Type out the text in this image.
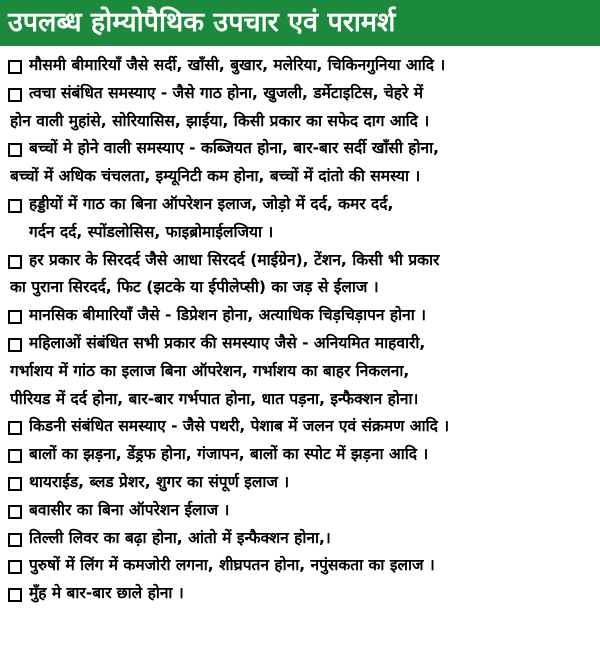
उपलब्ध होम्योपैथिक उपचार एवं परामर्श
मौसमी बीमारियाँ जैसे सर्दी, खाँसी, बुखार, मलेरिया, चिकिनगुनिया आदि ।
त्वचा संबंधित समस्याए - जैसे गाठ होना, खुजली, डर्मेटाइटिस, चेहरे में
होन वाली मुहांसे, सोरियासिस, झाईया, किसी प्रकार का सफेद दाग आदि ।
बच्चों मे होने वाली समस्याए - कब्जियत होना, बार-बार सर्दी खाँसी होना,
बच्चों में अधिक चंचलता, इम्यूनिटी कम होना, बच्चों में दांतो की समस्या ।
हड्डीयों में गाठ का बिना ऑपरेशन इलाज, जोड़ो में दर्द, कमर दर्द,
गर्दन दर्द, स्पोंडलोसिस, फाइब्रोमाईलजिया ।
हर प्रकार के सिरदर्द जैसे आधा सिरदर्द (माईग्रेन), टेंशन, किसी भी प्रकार
का पुराना सिरदर्द, फिट (झटके या ईपीलेप्सी) का जड़ से ईलाज ।
मानसिक बीमारियाँ जैसे - डिप्रेशन होना, अत्याधिक चिड़चिड़ापन होना ।
महिलाओं संबंधित सभी प्रकार की समस्याए जैसे - अनियमित माहवारी,
गर्भाशय में गांठ का इलाज बिना ऑपरेशन, गर्भाशय का बाहर निकलना,
पीरियड में दर्द होना, बार-बार गर्भपात होना, धात पड़ना, इन्फैक्शन होना।
किडनी संबंधित समस्याए - जैसे पथरी, पेशाब में जलन एवं संक्रमण आदि ।
बालों का झड़ना, डेंड्रफ होना, गंजापन, बालों का स्पोट में झड़ना आदि ।
थायराईड, ब्लड प्रेशर, शुगर का संपूर्ण इलाज ।
बवासीर का बिना ऑपरेशन ईलाज ।
तिल्ली लिवर का बढ़ा होना, आंतो में इन्फैक्शन होना,।
पुरुषों में लिंग में कमजोरी लगना, शीघ्रपतन होना, नपुंसकता का इलाज ।
मुँह मे बार-बार छाले होना ।
